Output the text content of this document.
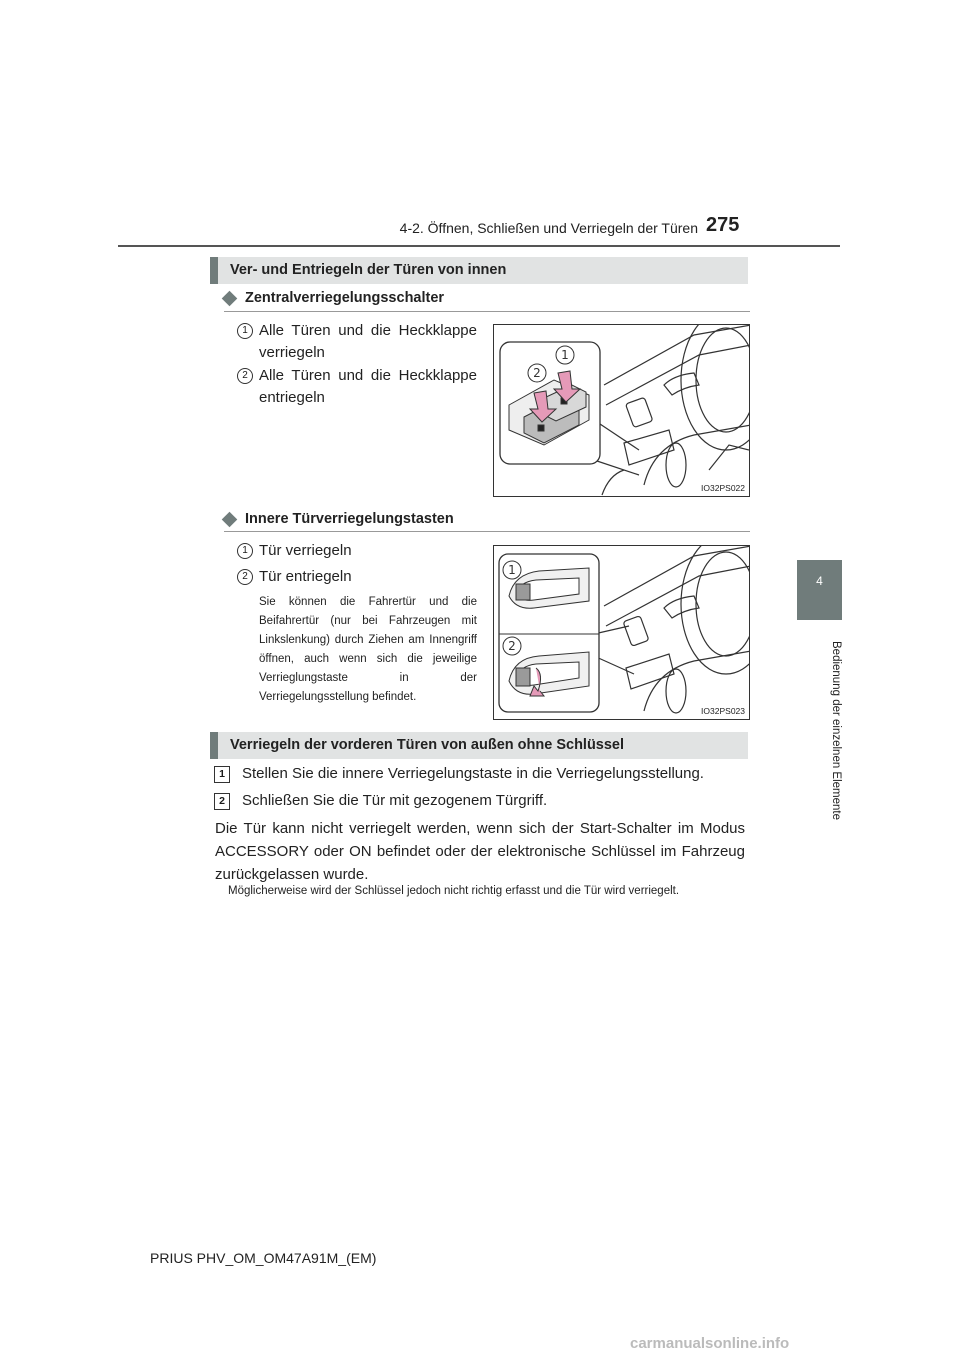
4-2. Öffnen, Schließen und Verriegeln der Türen 275
4
Bedienung der einzelnen Elemente
Ver- und Entriegeln der Türen von innen
Zentralverriegelungsschalter
1 Alle Türen und die Heckklappe verriegeln
2 Alle Türen und die Heckklappe entriegeln
2
1
IO32PS022
Innere Türverriegelungstasten
1 Tür verriegeln
2 Tür entriegeln
Sie können die Fahrertür und die Beifahrertür (nur bei Fahrzeugen mit Linkslenkung) durch Ziehen am Innengriff öffnen, auch wenn sich die jeweilige Verrieglungstaste in der Verriegelungsstellung befindet.
1
2
IO32PS023
Verriegeln der vorderen Türen von außen ohne Schlüssel
1	Stellen Sie die innere Verriegelungstaste in die Verriegelungsstellung.
2	Schließen Sie die Tür mit gezogenem Türgriff.
Die Tür kann nicht verriegelt werden, wenn sich der Start-Schalter im Modus ACCESSORY oder ON befindet oder der elektronische Schlüssel im Fahrzeug zurückgelassen wurde.
Möglicherweise wird der Schlüssel jedoch nicht richtig erfasst und die Tür wird verriegelt.
PRIUS PHV_OM_OM47A91M_(EM)
carmanualsonline.info
